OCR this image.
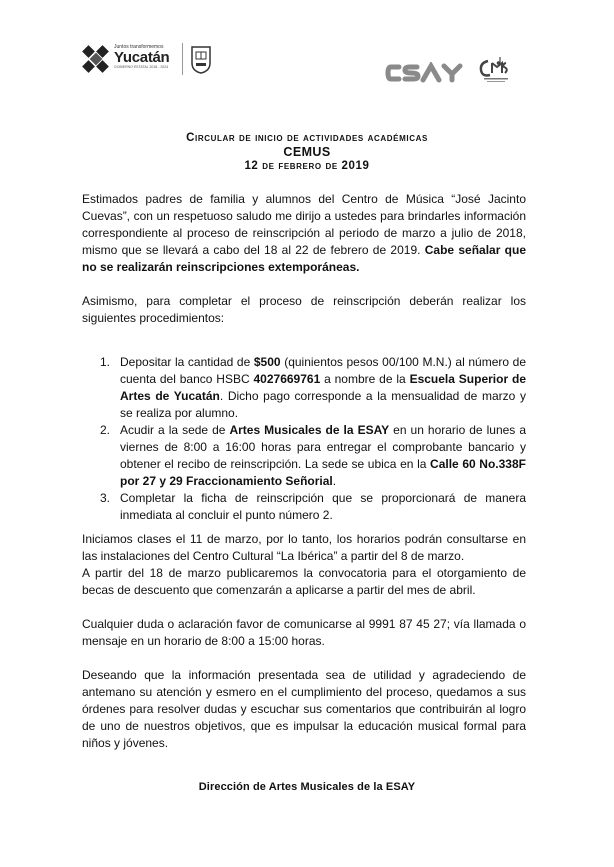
Juntos transformemos
Yucatán
GOBIERNO ESTATAL 2018 - 2024
Circular de inicio de actividades académicas
CEMUS
12 de febrero de 2019

Estimados padres de familia y alumnos del Centro de Música “José Jacinto Cuevas”, con un respetuoso saludo me dirijo a ustedes para brindarles información correspondiente al proceso de reinscripción al periodo de marzo a julio de 2018, mismo que se llevará a cabo del 18 al 22 de febrero de 2019. Cabe señalar que no se realizarán reinscripciones extemporáneas.

Asimismo, para completar el proceso de reinscripción deberán realizar los siguientes procedimientos:

1. Depositar la cantidad de $500 (quinientos pesos 00/100 M.N.) al número de cuenta del banco HSBC 4027669761 a nombre de la Escuela Superior de Artes de Yucatán. Dicho pago corresponde a la mensualidad de marzo y se realiza por alumno.
2. Acudir a la sede de Artes Musicales de la ESAY en un horario de lunes a viernes de 8:00 a 16:00 horas para entregar el comprobante bancario y obtener el recibo de reinscripción. La sede se ubica en la Calle 60 No.338F por 27 y 29 Fraccionamiento Señorial.
3. Completar la ficha de reinscripción que se proporcionará de manera inmediata al concluir el punto número 2.

Iniciamos clases el 11 de marzo, por lo tanto, los horarios podrán consultarse en las instalaciones del Centro Cultural “La Ibérica” a partir del 8 de marzo.

A partir del 18 de marzo publicaremos la convocatoria para el otorgamiento de becas de descuento que comenzarán a aplicarse a partir del mes de abril.

Cualquier duda o aclaración favor de comunicarse al 9991 87 45 27; vía llamada o mensaje en un horario de 8:00 a 15:00 horas.

Deseando que la información presentada sea de utilidad y agradeciendo de antemano su atención y esmero en el cumplimiento del proceso, quedamos a sus órdenes para resolver dudas y escuchar sus comentarios que contribuirán al logro de uno de nuestros objetivos, que es impulsar la educación musical formal para niños y jóvenes.

Dirección de Artes Musicales de la ESAY
